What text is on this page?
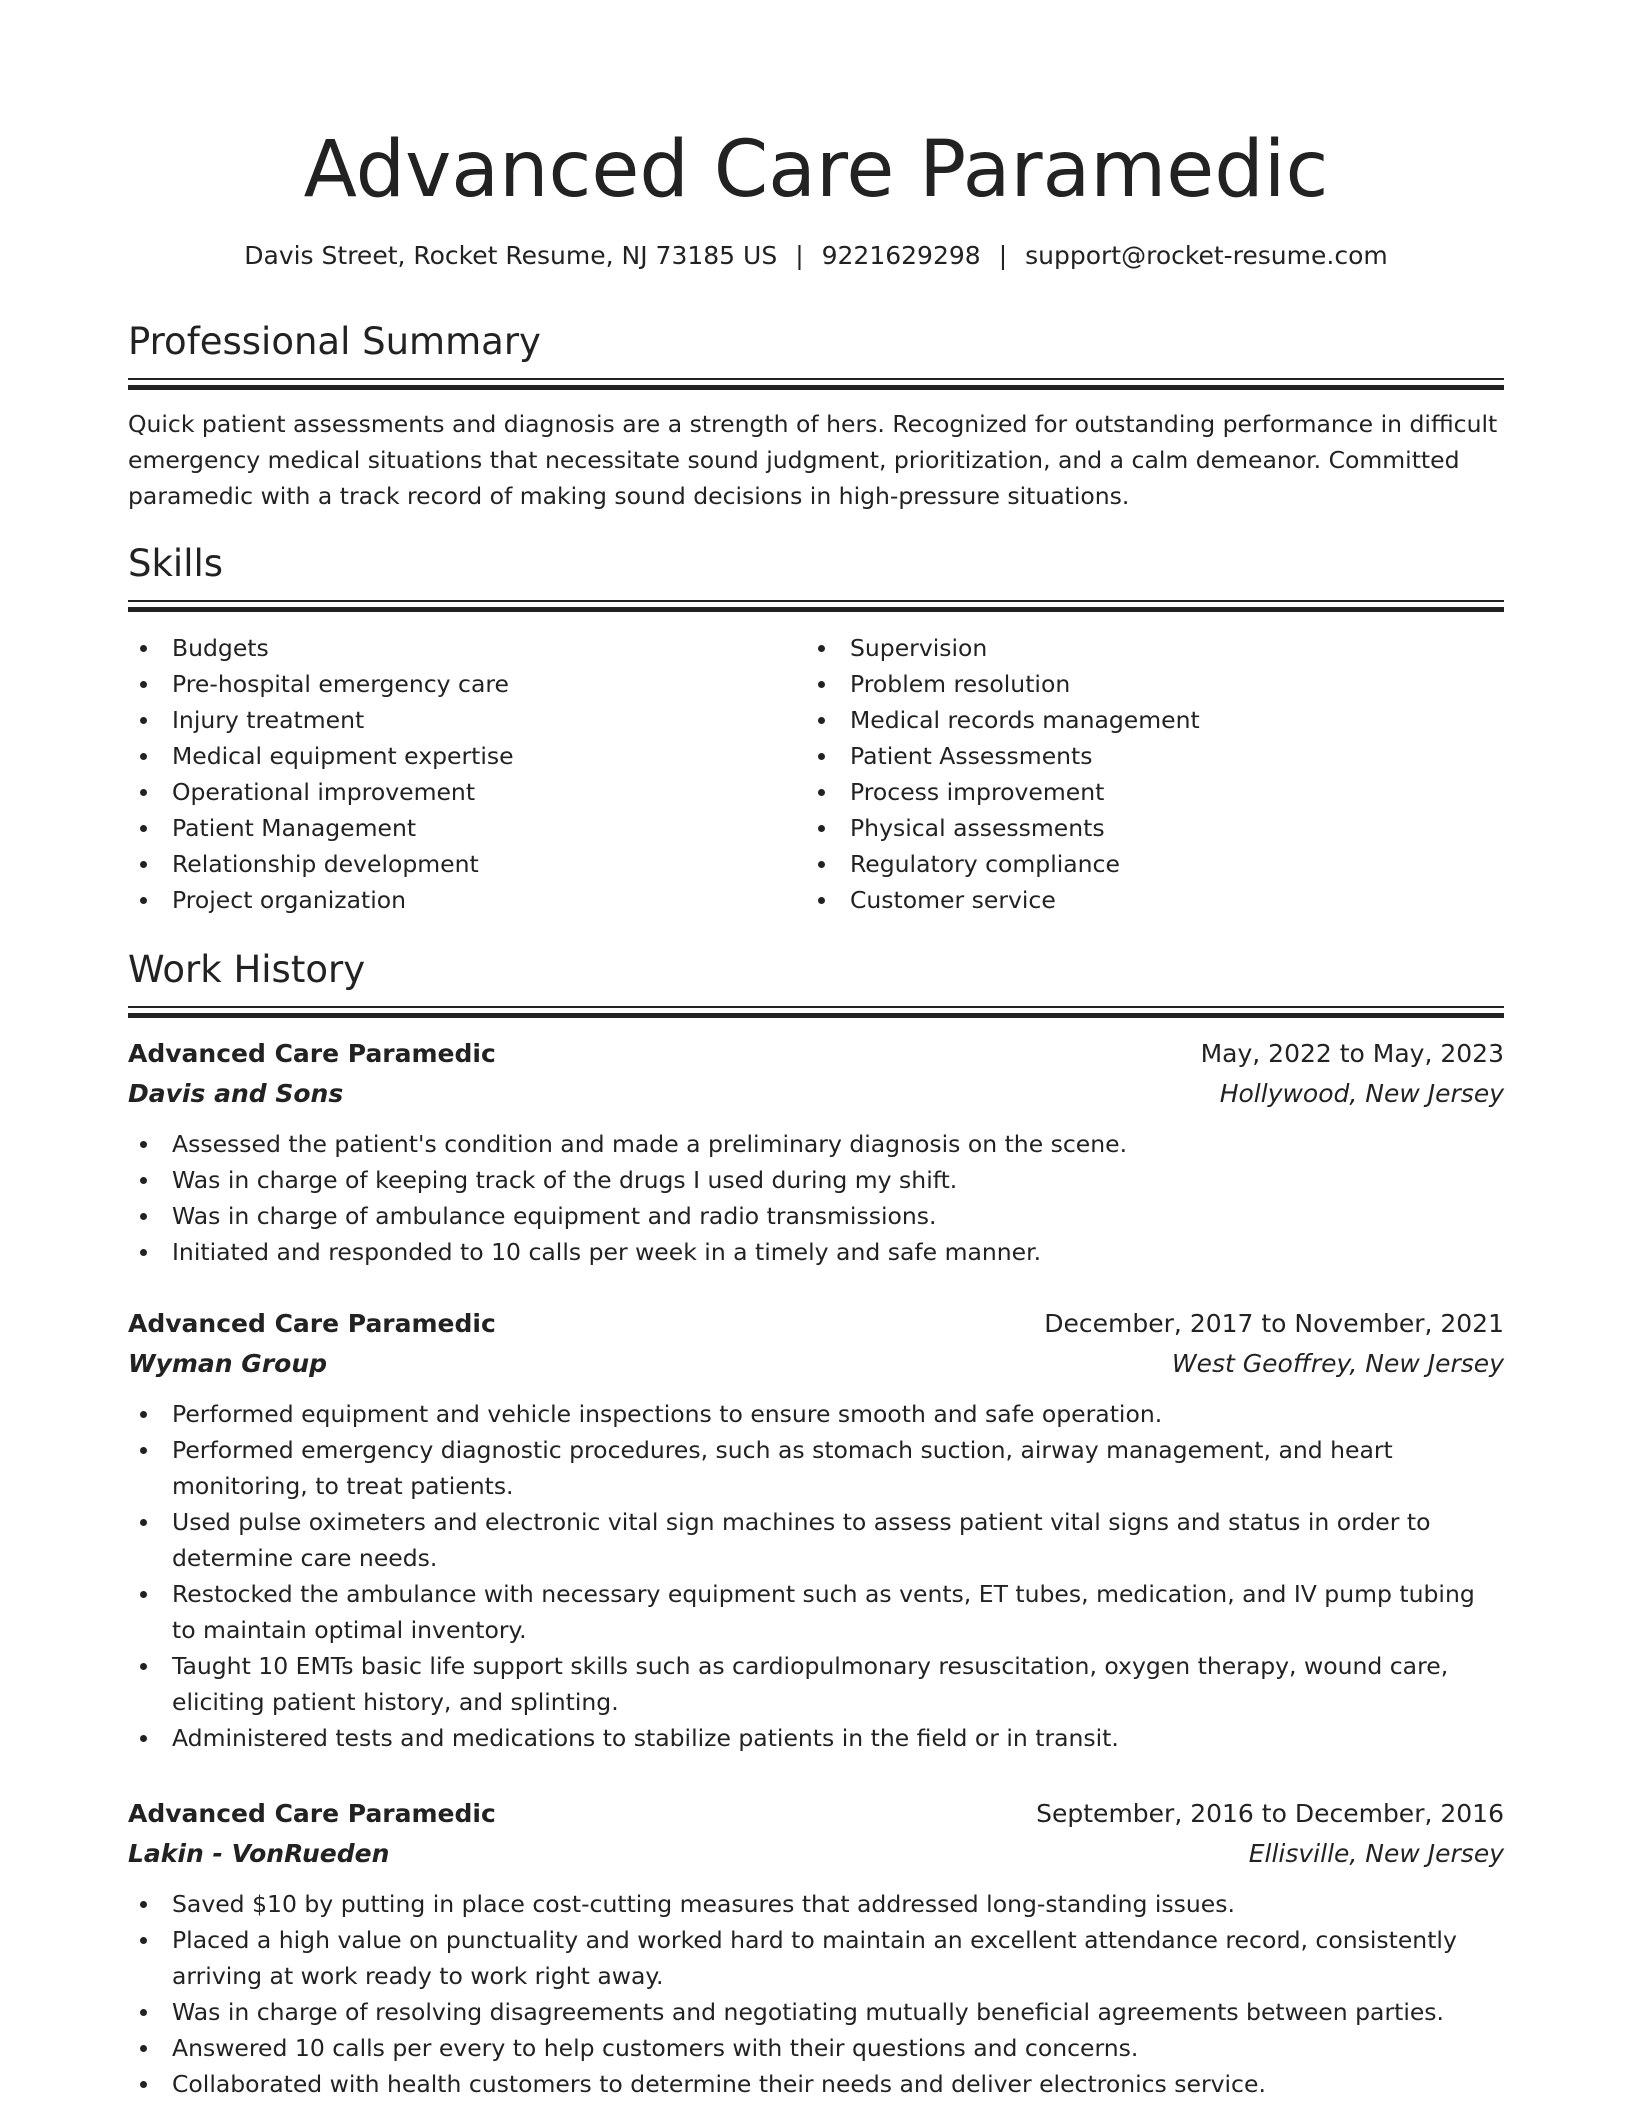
Advanced Care Paramedic
Davis Street, Rocket Resume, NJ 73185 US | 9221629298 | support@rocket-resume.com
Professional Summary
Quick patient assessments and diagnosis are a strength of hers. Recognized for outstanding performance in difficult emergency medical situations that necessitate sound judgment, prioritization, and a calm demeanor. Committed paramedic with a track record of making sound decisions in high-pressure situations.
Skills
Budgets
Pre-hospital emergency care
Injury treatment
Medical equipment expertise
Operational improvement
Patient Management
Relationship development
Project organization
Supervision
Problem resolution
Medical records management
Patient Assessments
Process improvement
Physical assessments
Regulatory compliance
Customer service
Work History
Advanced Care Paramedic	May, 2022 to May, 2023
Davis and Sons	Hollywood, New Jersey
Assessed the patient's condition and made a preliminary diagnosis on the scene.
Was in charge of keeping track of the drugs I used during my shift.
Was in charge of ambulance equipment and radio transmissions.
Initiated and responded to 10 calls per week in a timely and safe manner.
Advanced Care Paramedic	December, 2017 to November, 2021
Wyman Group	West Geoffrey, New Jersey
Performed equipment and vehicle inspections to ensure smooth and safe operation.
Performed emergency diagnostic procedures, such as stomach suction, airway management, and heart monitoring, to treat patients.
Used pulse oximeters and electronic vital sign machines to assess patient vital signs and status in order to determine care needs.
Restocked the ambulance with necessary equipment such as vents, ET tubes, medication, and IV pump tubing to maintain optimal inventory.
Taught 10 EMTs basic life support skills such as cardiopulmonary resuscitation, oxygen therapy, wound care, eliciting patient history, and splinting.
Administered tests and medications to stabilize patients in the field or in transit.
Advanced Care Paramedic	September, 2016 to December, 2016
Lakin - VonRueden	Ellisville, New Jersey
Saved $10 by putting in place cost-cutting measures that addressed long-standing issues.
Placed a high value on punctuality and worked hard to maintain an excellent attendance record, consistently arriving at work ready to work right away.
Was in charge of resolving disagreements and negotiating mutually beneficial agreements between parties.
Answered 10 calls per every to help customers with their questions and concerns.
Collaborated with health customers to determine their needs and deliver electronics service.
